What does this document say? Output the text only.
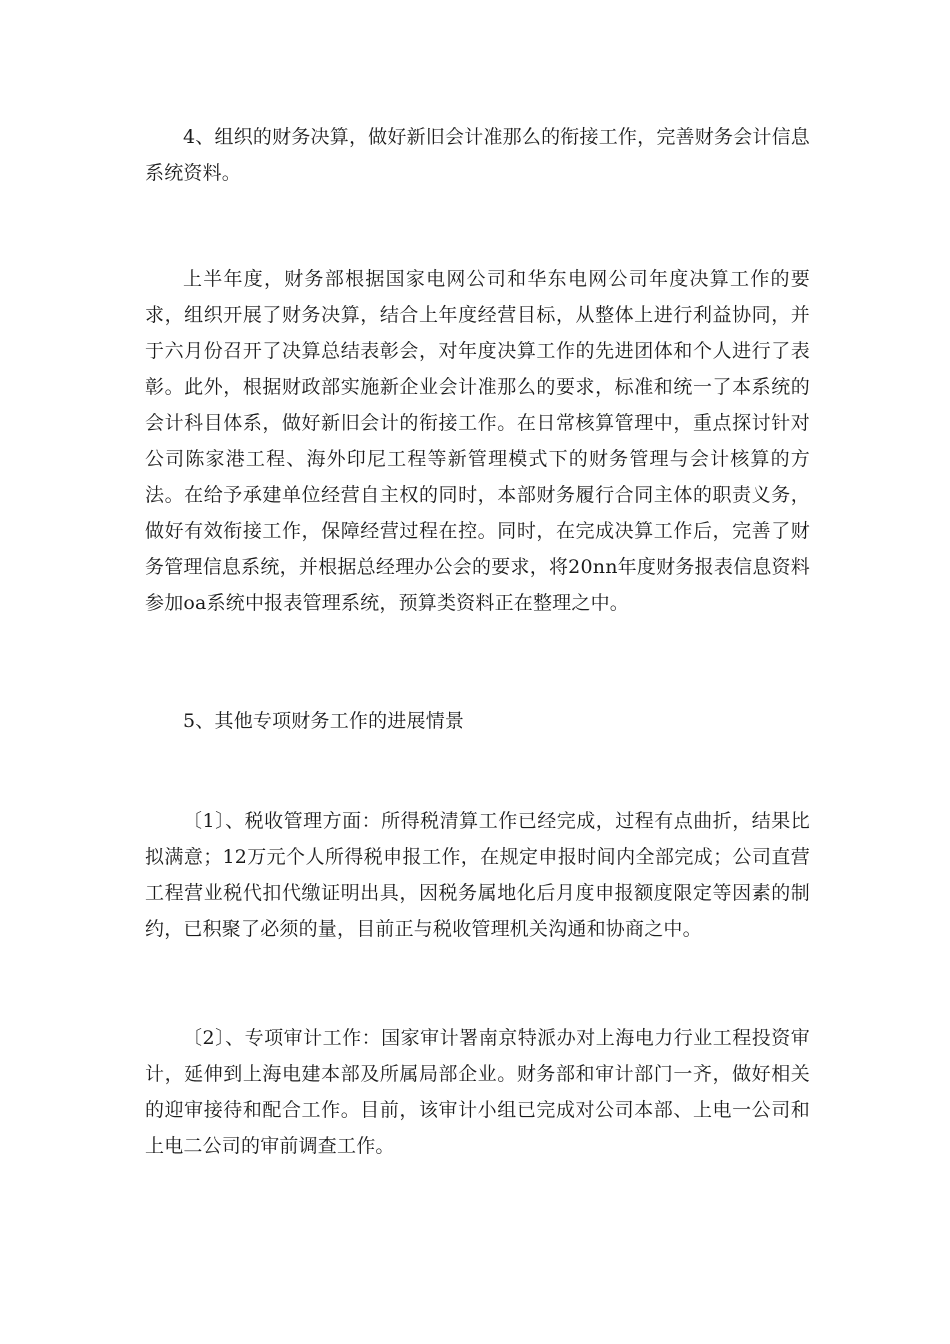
4、组织的财务决算，做好新旧会计准那么的衔接工作，完善财务会计信息系统资料。

上半年度，财务部根据国家电网公司和华东电网公司年度决算工作的要求，组织开展了财务决算，结合上年度经营目标，从整体上进行利益协同，并于六月份召开了决算总结表彰会，对年度决算工作的先进团体和个人进行了表彰。此外，根据财政部实施新企业会计准那么的要求，标准和统一了本系统的会计科目体系，做好新旧会计的衔接工作。在日常核算管理中，重点探讨针对公司陈家港工程、海外印尼工程等新管理模式下的财务管理与会计核算的方法。在给予承建单位经营自主权的同时，本部财务履行合同主体的职责义务，做好有效衔接工作，保障经营过程在控。同时，在完成决算工作后，完善了财务管理信息系统，并根据总经理办公会的要求，将20nn年度财务报表信息资料参加oa系统中报表管理系统，预算类资料正在整理之中。

5、其他专项财务工作的进展情景

〔1〕、税收管理方面：所得税清算工作已经完成，过程有点曲折，结果比拟满意；12万元个人所得税申报工作，在规定申报时间内全部完成；公司直营工程营业税代扣代缴证明出具，因税务属地化后月度申报额度限定等因素的制约，已积聚了必须的量，目前正与税收管理机关沟通和协商之中。

〔2〕、专项审计工作：国家审计署南京特派办对上海电力行业工程投资审计，延伸到上海电建本部及所属局部企业。财务部和审计部门一齐，做好相关的迎审接待和配合工作。目前，该审计小组已完成对公司本部、上电一公司和上电二公司的审前调查工作。
